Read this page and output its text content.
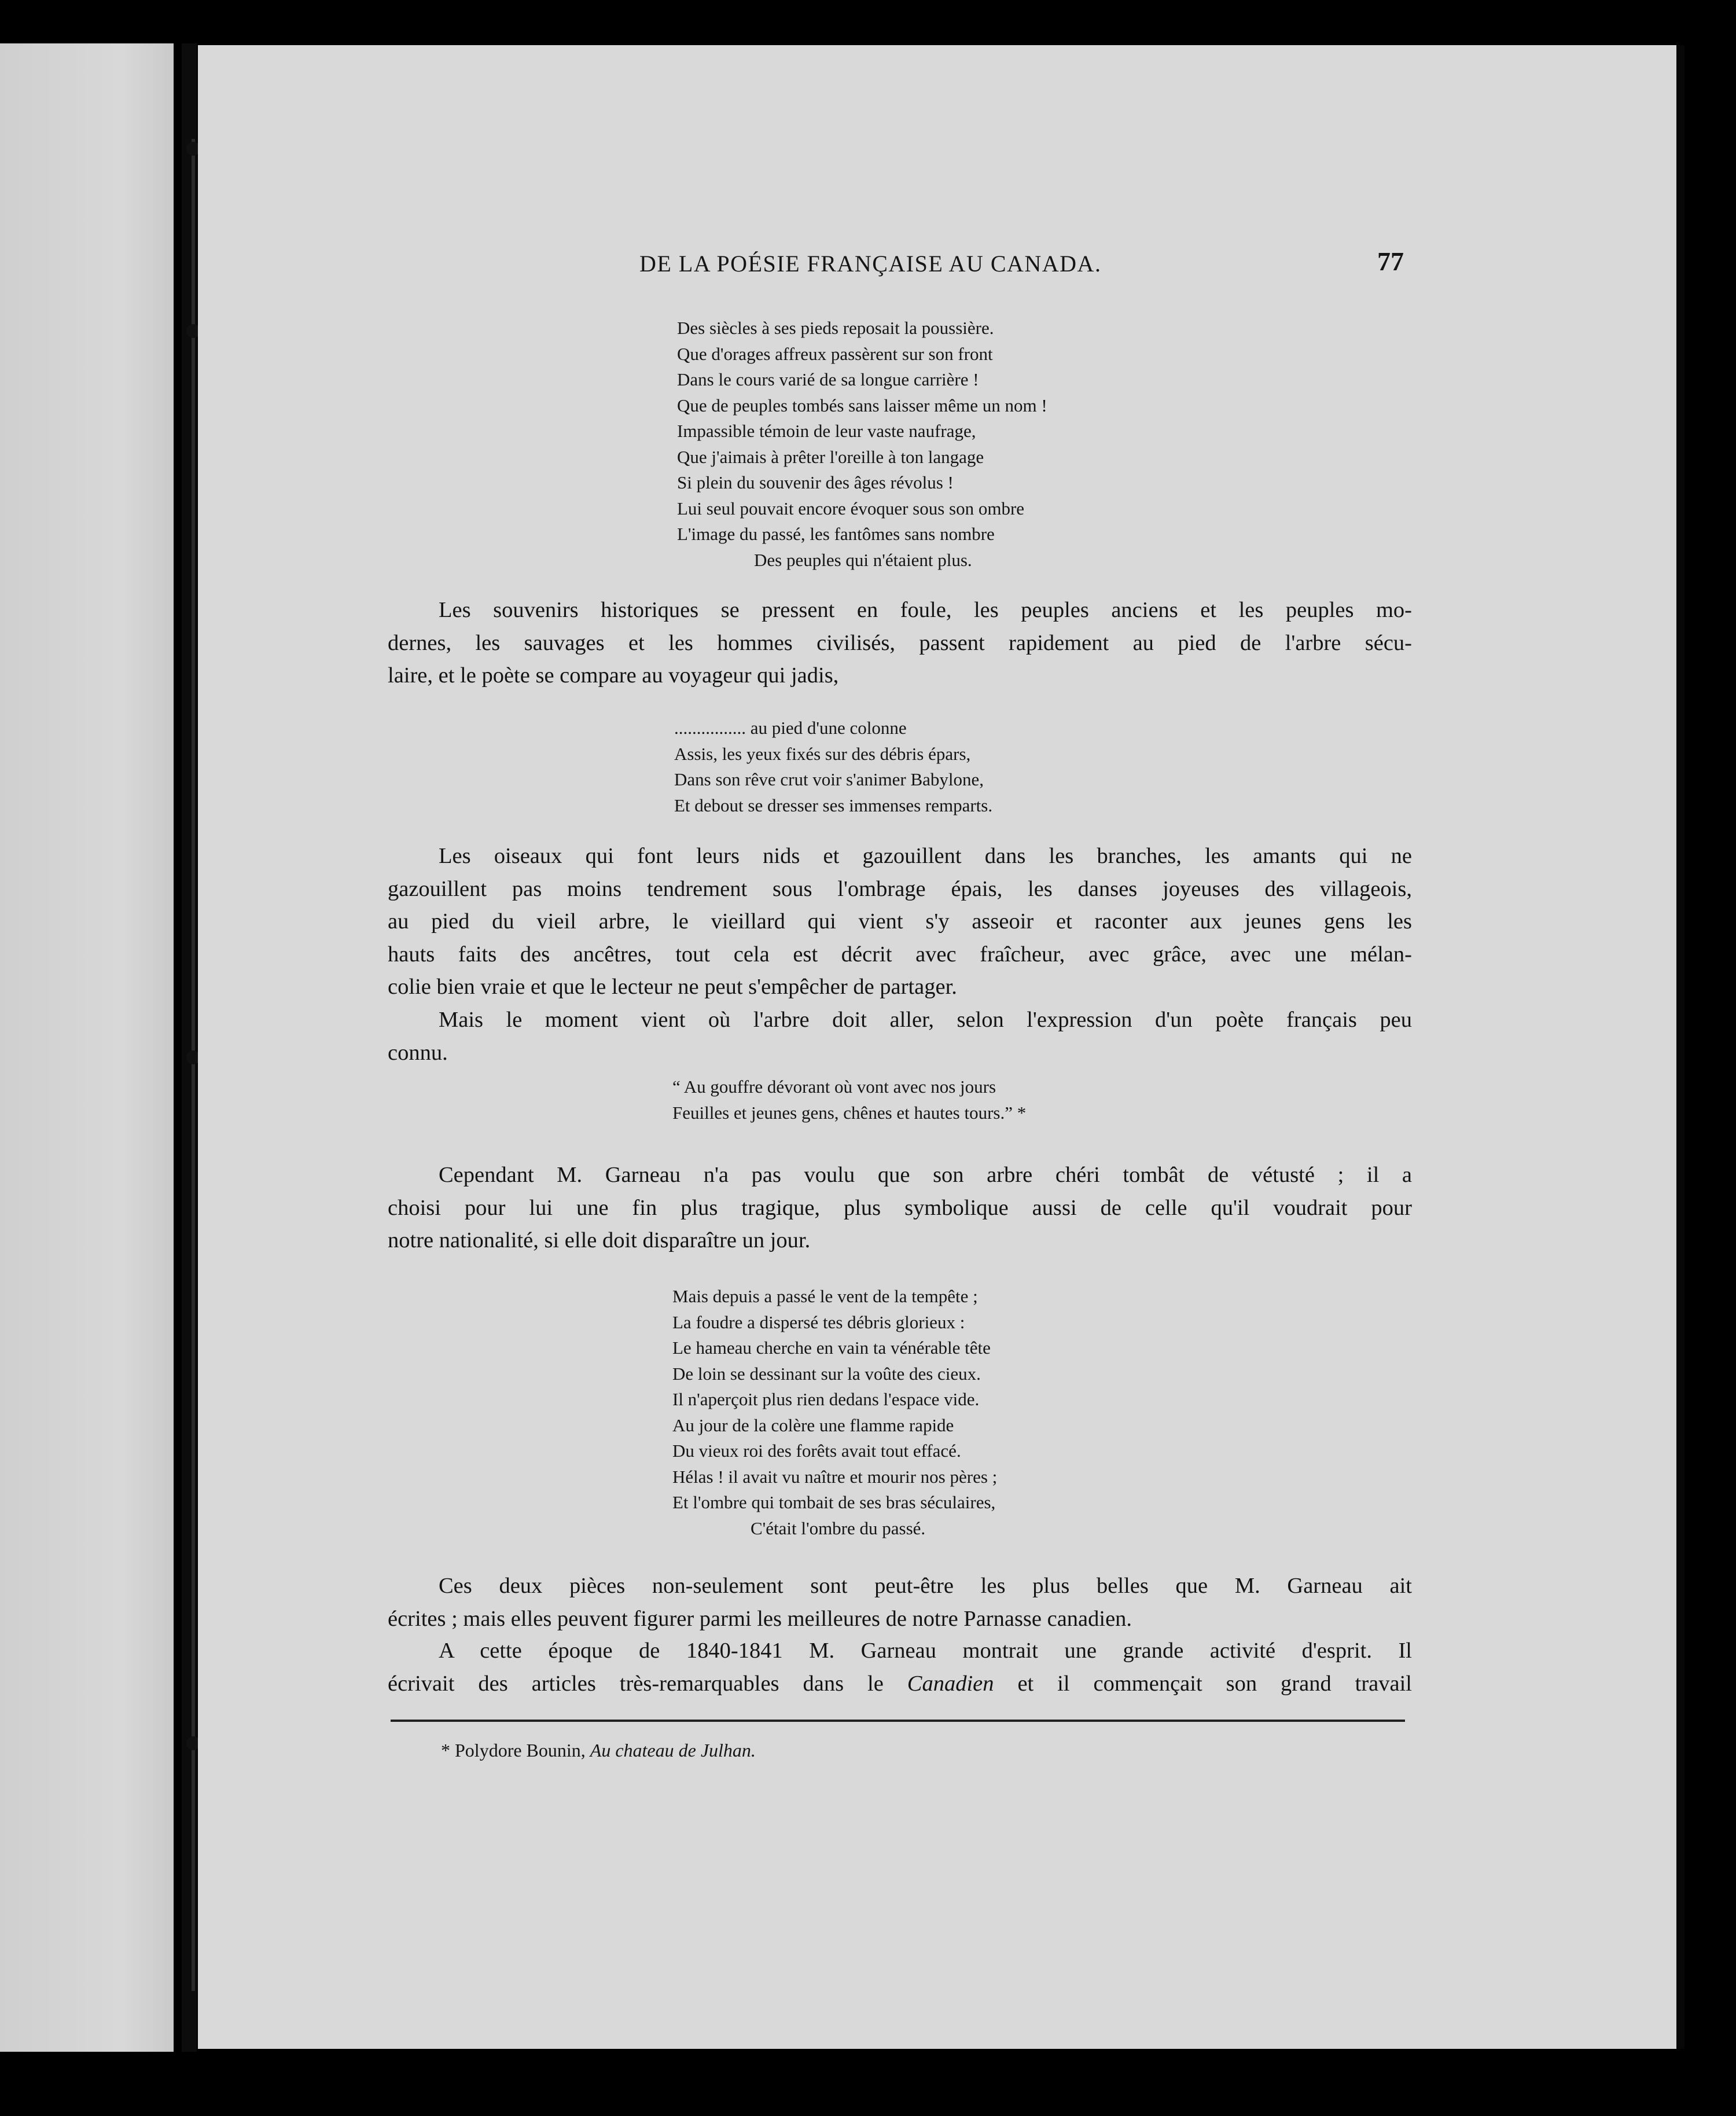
DE LA POÉSIE FRANÇAISE AU CANADA.	77
Des siècles à ses pieds reposait la poussière.
Que d'orages affreux passèrent sur son front
Dans le cours varié de sa longue carrière !
Que de peuples tombés sans laisser même un nom !
Impassible témoin de leur vaste naufrage,
Que j'aimais à prêter l'oreille à ton langage
Si plein du souvenir des âges révolus !
Lui seul pouvait encore évoquer sous son ombre
L'image du passé, les fantômes sans nombre
Des peuples qui n'étaient plus.
Les souvenirs historiques se pressent en foule, les peuples anciens et les peuples mo-
dernes, les sauvages et les hommes civilisés, passent rapidement au pied de l'arbre sécu-
laire, et le poète se compare au voyageur qui jadis,
................ au pied d'une colonne
Assis, les yeux fixés sur des débris épars,
Dans son rêve crut voir s'animer Babylone,
Et debout se dresser ses immenses remparts.
Les oiseaux qui font leurs nids et gazouillent dans les branches, les amants qui ne
gazouillent pas moins tendrement sous l'ombrage épais, les danses joyeuses des villageois,
au pied du vieil arbre, le vieillard qui vient s'y asseoir et raconter aux jeunes gens les
hauts faits des ancêtres, tout cela est décrit avec fraîcheur, avec grâce, avec une mélan-
colie bien vraie et que le lecteur ne peut s'empêcher de partager.
Mais le moment vient où l'arbre doit aller, selon l'expression d'un poète français peu
connu.
“ Au gouffre dévorant où vont avec nos jours
Feuilles et jeunes gens, chênes et hautes tours.” *
Cependant M. Garneau n'a pas voulu que son arbre chéri tombât de vétusté ; il a
choisi pour lui une fin plus tragique, plus symbolique aussi de celle qu'il voudrait pour
notre nationalité, si elle doit disparaître un jour.
Mais depuis a passé le vent de la tempête ;
La foudre a dispersé tes débris glorieux :
Le hameau cherche en vain ta vénérable tête
De loin se dessinant sur la voûte des cieux.
Il n'aperçoit plus rien dedans l'espace vide.
Au jour de la colère une flamme rapide
Du vieux roi des forêts avait tout effacé.
Hélas ! il avait vu naître et mourir nos pères ;
Et l'ombre qui tombait de ses bras séculaires,
C'était l'ombre du passé.
Ces deux pièces non-seulement sont peut-être les plus belles que M. Garneau ait
écrites ; mais elles peuvent figurer parmi les meilleures de notre Parnasse canadien.
A cette époque de 1840-1841 M. Garneau montrait une grande activité d'esprit. Il
écrivait des articles très-remarquables dans le Canadien et il commençait son grand travail
* Polydore Bounin, Au chateau de Julhan.
